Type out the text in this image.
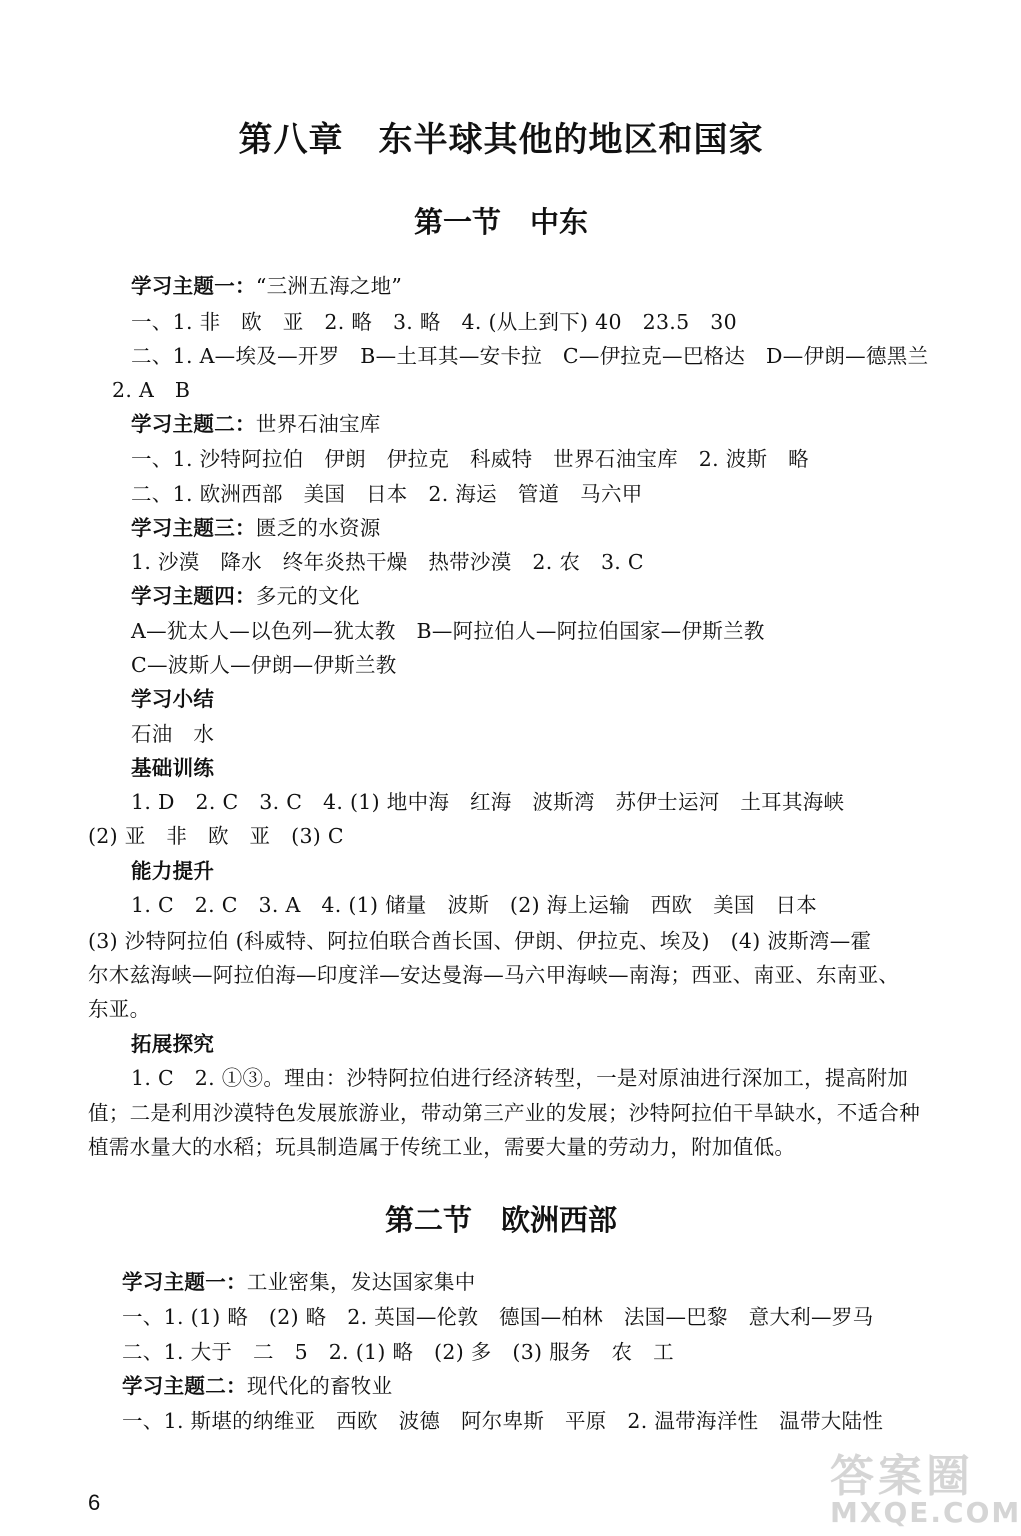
第八章　东半球其他的地区和国家
第一节　中东
学习主题一：“三洲五海之地”
一、1. 非　欧　亚　2. 略　3. 略　4. (从上到下) 40　23.5　30
二、1. A—埃及—开罗　B—土耳其—安卡拉　C—伊拉克—巴格达　D—伊朗—德黑兰
2. A　B
学习主题二：世界石油宝库
一、1. 沙特阿拉伯　伊朗　伊拉克　科威特　世界石油宝库　2. 波斯　略
二、1. 欧洲西部　美国　日本　2. 海运　管道　马六甲
学习主题三：匮乏的水资源
1. 沙漠　降水　终年炎热干燥　热带沙漠　2. 农　3. C
学习主题四：多元的文化
A—犹太人—以色列—犹太教　B—阿拉伯人—阿拉伯国家—伊斯兰教
C—波斯人—伊朗—伊斯兰教
学习小结
石油　水
基础训练
1. D　2. C　3. C　4. (1) 地中海　红海　波斯湾　苏伊士运河　土耳其海峡
(2) 亚　非　欧　亚　(3) C
能力提升
1. C　2. C　3. A　4. (1) 储量　波斯　(2) 海上运输　西欧　美国　日本
(3) 沙特阿拉伯 (科威特、阿拉伯联合酋长国、伊朗、伊拉克、埃及)　(4) 波斯湾—霍
尔木兹海峡—阿拉伯海—印度洋—安达曼海—马六甲海峡—南海；西亚、南亚、东南亚、
东亚。
拓展探究
1. C　2. ①③。理由：沙特阿拉伯进行经济转型，一是对原油进行深加工，提高附加
值；二是利用沙漠特色发展旅游业，带动第三产业的发展；沙特阿拉伯干旱缺水，不适合种
植需水量大的水稻；玩具制造属于传统工业，需要大量的劳动力，附加值低。
第二节　欧洲西部
学习主题一：工业密集，发达国家集中
一、1. (1) 略　(2) 略　2. 英国—伦敦　德国—柏林　法国—巴黎　意大利—罗马
二、1. 大于　二　5　2. (1) 略　(2) 多　(3) 服务　农　工
学习主题二：现代化的畜牧业
一、1. 斯堪的纳维亚　西欧　波德　阿尔卑斯　平原　2. 温带海洋性　温带大陆性
6
答案圈
MXQE.COM
